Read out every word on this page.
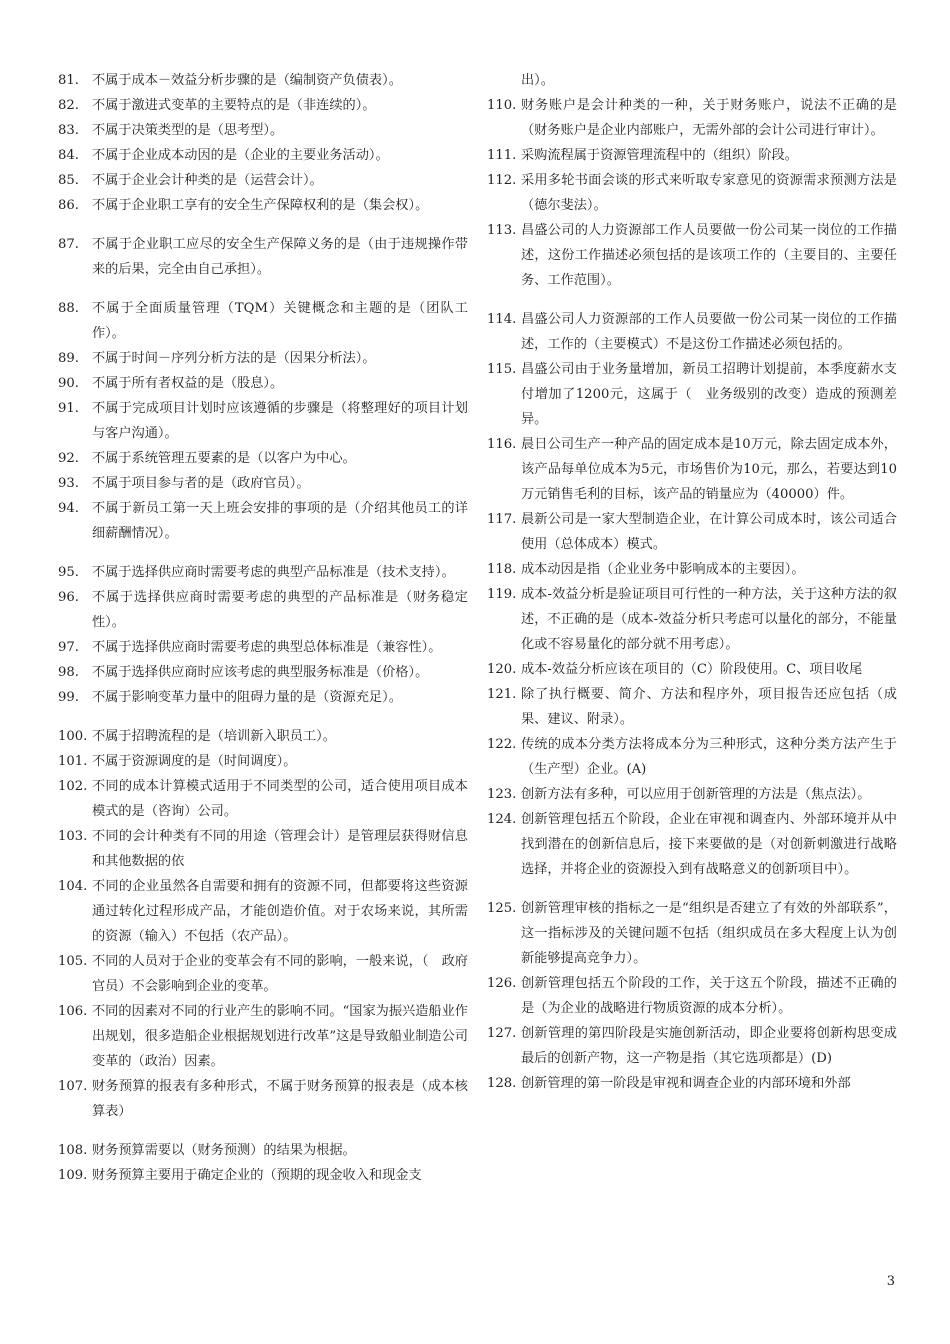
81. 不属于成本－效益分析步骤的是（编制资产负债表）。
82. 不属于激进式变革的主要特点的是（非连续的）。
83. 不属于决策类型的是（思考型）。
84. 不属于企业成本动因的是（企业的主要业务活动）。
85. 不属于企业会计种类的是（运营会计）。
86. 不属于企业职工享有的安全生产保障权利的是（集会权）。
87. 不属于企业职工应尽的安全生产保障义务的是（由于违规操作带来的后果，完全由自己承担）。
88. 不属于全面质量管理（TQM）关键概念和主题的是（团队工作）。
89. 不属于时间－序列分析方法的是（因果分析法）。
90. 不属于所有者权益的是（股息）。
91. 不属于完成项目计划时应该遵循的步骤是（将整理好的项目计划与客户沟通）。
92. 不属于系统管理五要素的是（以客户为中心。
93. 不属于项目参与者的是（政府官员）。
94. 不属于新员工第一天上班会安排的事项的是（介绍其他员工的详细薪酬情况）。
95. 不属于选择供应商时需要考虑的典型产品标准是（技术支持）。
96. 不属于选择供应商时需要考虑的典型的产品标准是（财务稳定性）。
97. 不属于选择供应商时需要考虑的典型总体标准是（兼容性）。
98. 不属于选择供应商时应该考虑的典型服务标准是（价格）。
99. 不属于影响变革力量中的阻碍力量的是（资源充足）。
100. 不属于招聘流程的是（培训新入职员工）。
101. 不属于资源调度的是（时间调度）。
102. 不同的成本计算模式适用于不同类型的公司，适合使用项目成本模式的是（咨询）公司。
103. 不同的会计种类有不同的用途（管理会计）是管理层获得财信息和其他数据的依
104. 不同的企业虽然各自需要和拥有的资源不同，但都要将这些资源通过转化过程形成产品，才能创造价值。对于农场来说，其所需的资源（输入）不包括（农产品）。
105. 不同的人员对于企业的变革会有不同的影响，一般来说，（　政府官员）不会影响到企业的变革。
106. 不同的因素对不同的行业产生的影响不同。“国家为振兴造船业作出规划，很多造船企业根据规划进行改革”这是导致船业制造公司变革的（政治）因素。
107. 财务预算的报表有多种形式，不属于财务预算的报表是（成本核算表）
108. 财务预算需要以（财务预测）的结果为根据。
109. 财务预算主要用于确定企业的（预期的现金收入和现金支
出）。
110. 财务账户是会计种类的一种，关于财务账户，说法不正确的是（财务账户是企业内部账户，无需外部的会计公司进行审计）。
111. 采购流程属于资源管理流程中的（组织）阶段。
112. 采用多轮书面会谈的形式来听取专家意见的资源需求预测方法是（德尔斐法）。
113. 昌盛公司的人力资源部工作人员要做一份公司某一岗位的工作描述，这份工作描述必须包括的是该项工作的（主要目的、主要任务、工作范围）。
114. 昌盛公司人力资源部的工作人员要做一份公司某一岗位的工作描述，工作的（主要模式）不是这份工作描述必须包括的。
115. 昌盛公司由于业务量增加，新员工招聘计划提前，本季度薪水支付增加了1200元，这属于（　业务级别的改变）造成的预测差异。
116. 晨日公司生产一种产品的固定成本是10万元，除去固定成本外，该产品每单位成本为5元，市场售价为10元，那么，若要达到10万元销售毛利的目标，该产品的销量应为（40000）件。
117. 晨新公司是一家大型制造企业，在计算公司成本时，该公司适合使用（总体成本）模式。
118. 成本动因是指（企业业务中影响成本的主要因）。
119. 成本-效益分析是验证项目可行性的一种方法，关于这种方法的叙述，不正确的是（成本-效益分析只考虑可以量化的部分，不能量化或不容易量化的部分就不用考虑）。
120. 成本-效益分析应该在项目的（C）阶段使用。C、项目收尾
121. 除了执行概要、简介、方法和程序外，项目报告还应包括（成果、建议、附录）。
122. 传统的成本分类方法将成本分为三种形式，这种分类方法产生于（生产型）企业。(A)
123. 创新方法有多种，可以应用于创新管理的方法是（焦点法）。
124. 创新管理包括五个阶段，企业在审视和调查内、外部环境并从中找到潜在的创新信息后，接下来要做的是（对创新刺激进行战略选择，并将企业的资源投入到有战略意义的创新项目中）。
125. 创新管理审核的指标之一是“组织是否建立了有效的外部联系”，这一指标涉及的关键问题不包括（组织成员在多大程度上认为创新能够提高竞争力）。
126. 创新管理包括五个阶段的工作，关于这五个阶段，描述不正确的是（为企业的战略进行物质资源的成本分析）。
127. 创新管理的第四阶段是实施创新活动，即企业要将创新构思变成最后的创新产物，这一产物是指（其它选项都是）(D)
128. 创新管理的第一阶段是审视和调查企业的内部环境和外部
3
